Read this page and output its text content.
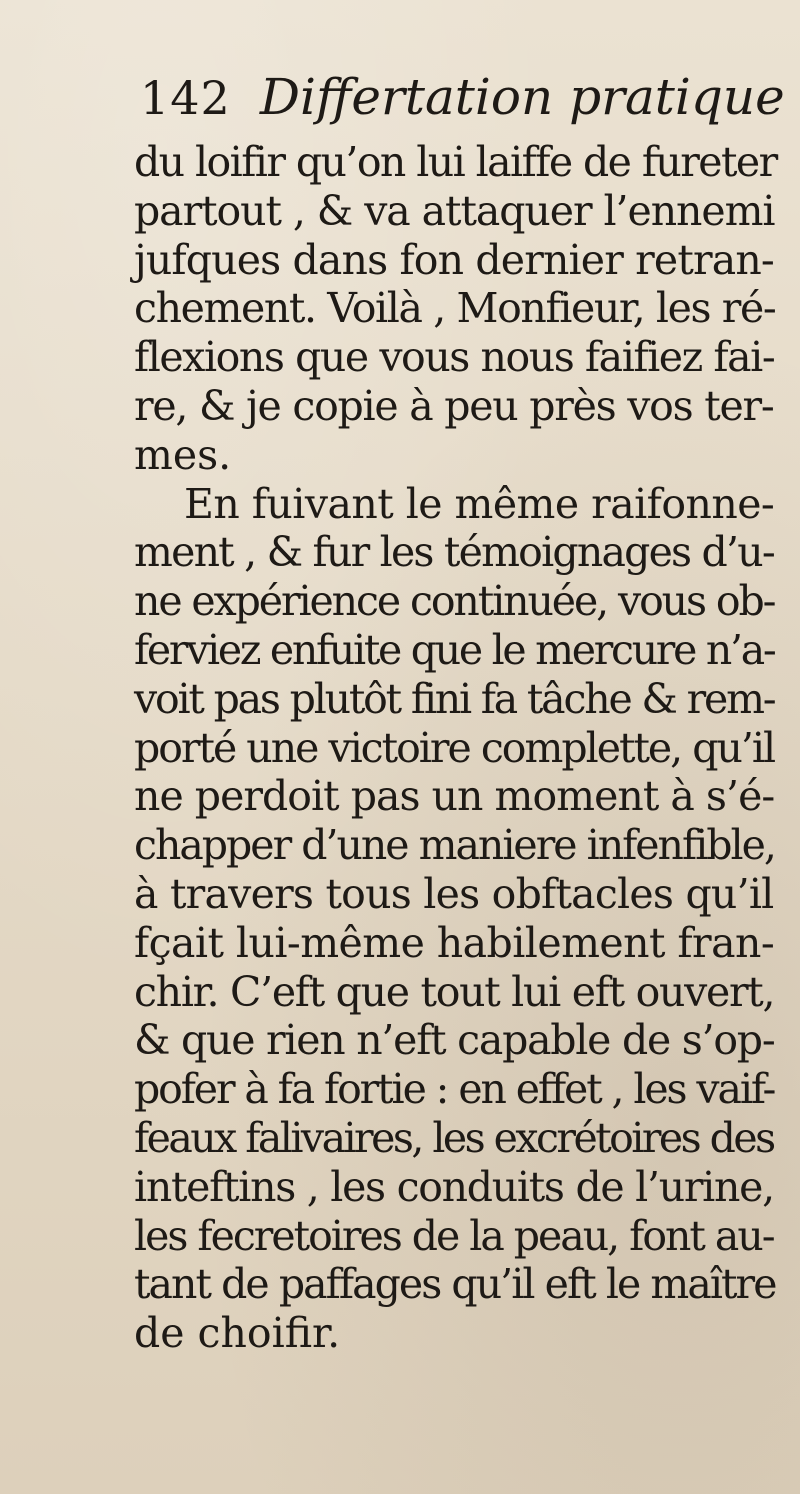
142 Differtation pratique
du loifir qu’on lui laiffe de fureter
partout , & va attaquer l’ennemi
jufques dans fon dernier retran-
chement. Voilà , Monfieur, les ré-
flexions que vous nous faifiez fai-
re, & je copie à peu près vos ter-
mes.
En fuivant le même raifonne-
ment , & fur les témoignages d’u-
ne expérience continuée, vous ob-
ferviez enfuite que le mercure n’a-
voit pas plutôt fini fa tâche & rem-
porté une victoire complette, qu’il
ne perdoit pas un moment à s’é-
chapper d’une maniere infenfible,
à travers tous les obftacles qu’il
fçait lui-même habilement fran-
chir. C’eft que tout lui eft ouvert,
& que rien n’eft capable de s’op-
pofer à fa fortie : en effet , les vaif-
feaux falivaires, les excrétoires des
inteftins , les conduits de l’urine,
les fecretoires de la peau, font au-
tant de paffages qu’il eft le maître
de choifir.
